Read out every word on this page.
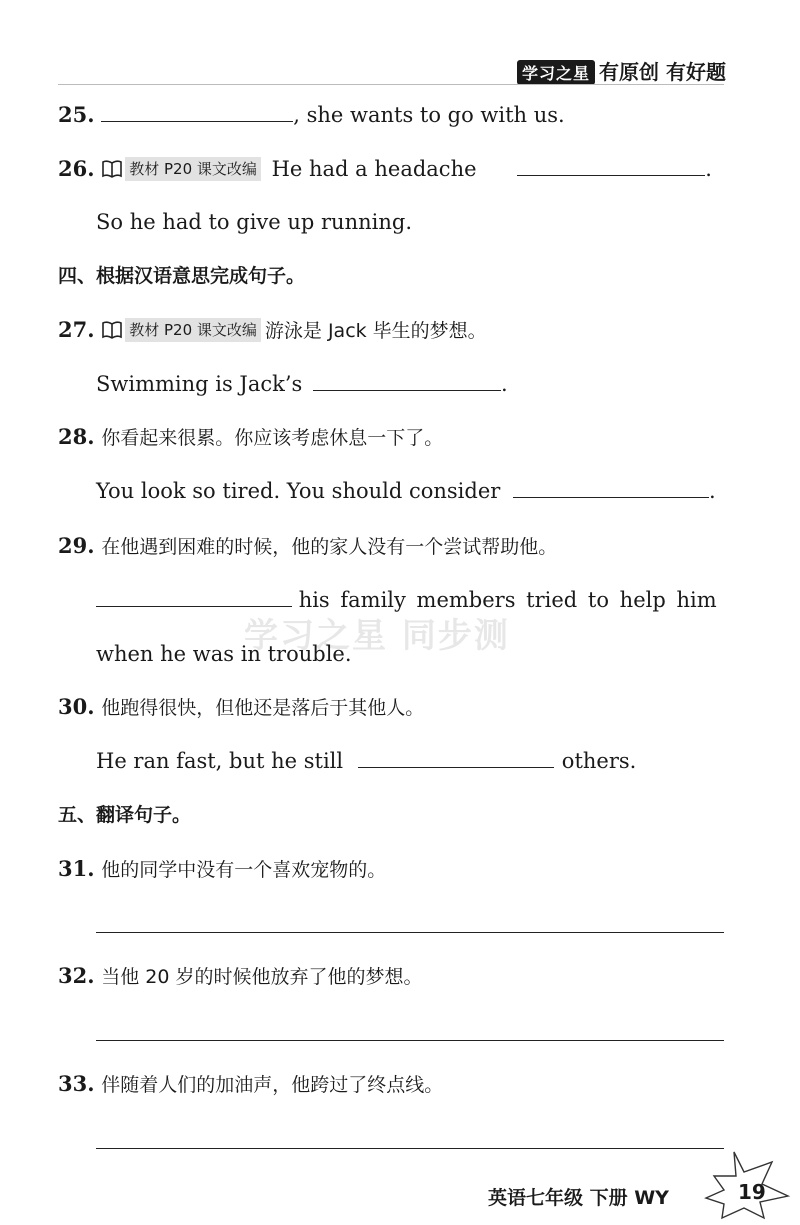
学习之星 有原创 有好题
25.	, she wants to go with us.
26. 教材 P20 课文改编 He had a headache	.
So he had to give up running.
四、根据汉语意思完成句子。
27. 教材 P20 课文改编 游泳是 Jack 毕生的梦想。
Swimming is Jack’s	.
28. 你看起来很累。你应该考虑休息一下了。
You look so tired. You should consider	.
29. 在他遇到困难的时候，他的家人没有一个尝试帮助他。
his family members tried to help him
when he was in trouble.
学习之星 同步测
30. 他跑得很快，但他还是落后于其他人。
He ran fast, but he still	others.
五、翻译句子。
31. 他的同学中没有一个喜欢宠物的。
32. 当他 20 岁的时候他放弃了他的梦想。
33. 伴随着人们的加油声，他跨过了终点线。
英语七年级 下册 WY	19
